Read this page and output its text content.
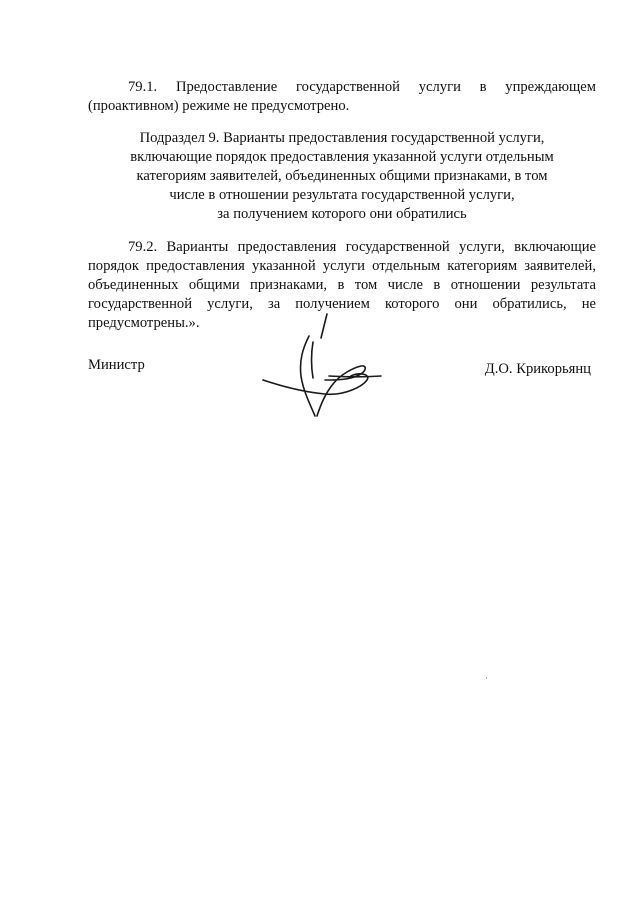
79.1. Предоставление государственной услуги в упреждающем (проактивном) режиме не предусмотрено.

Подраздел 9. Варианты предоставления государственной услуги,
включающие порядок предоставления указанной услуги отдельным
категориям заявителей, объединенных общими признаками, в том
числе в отношении результата государственной услуги,
за получением которого они обратились

79.2. Варианты предоставления государственной услуги, включающие порядок предоставления указанной услуги отдельным категориям заявителей, объединенных общими признаками, в том числе в отношении результата государственной услуги, за получением которого они обратились, не предусмотрены.».

Министр	Д.О. Крикорьянц
